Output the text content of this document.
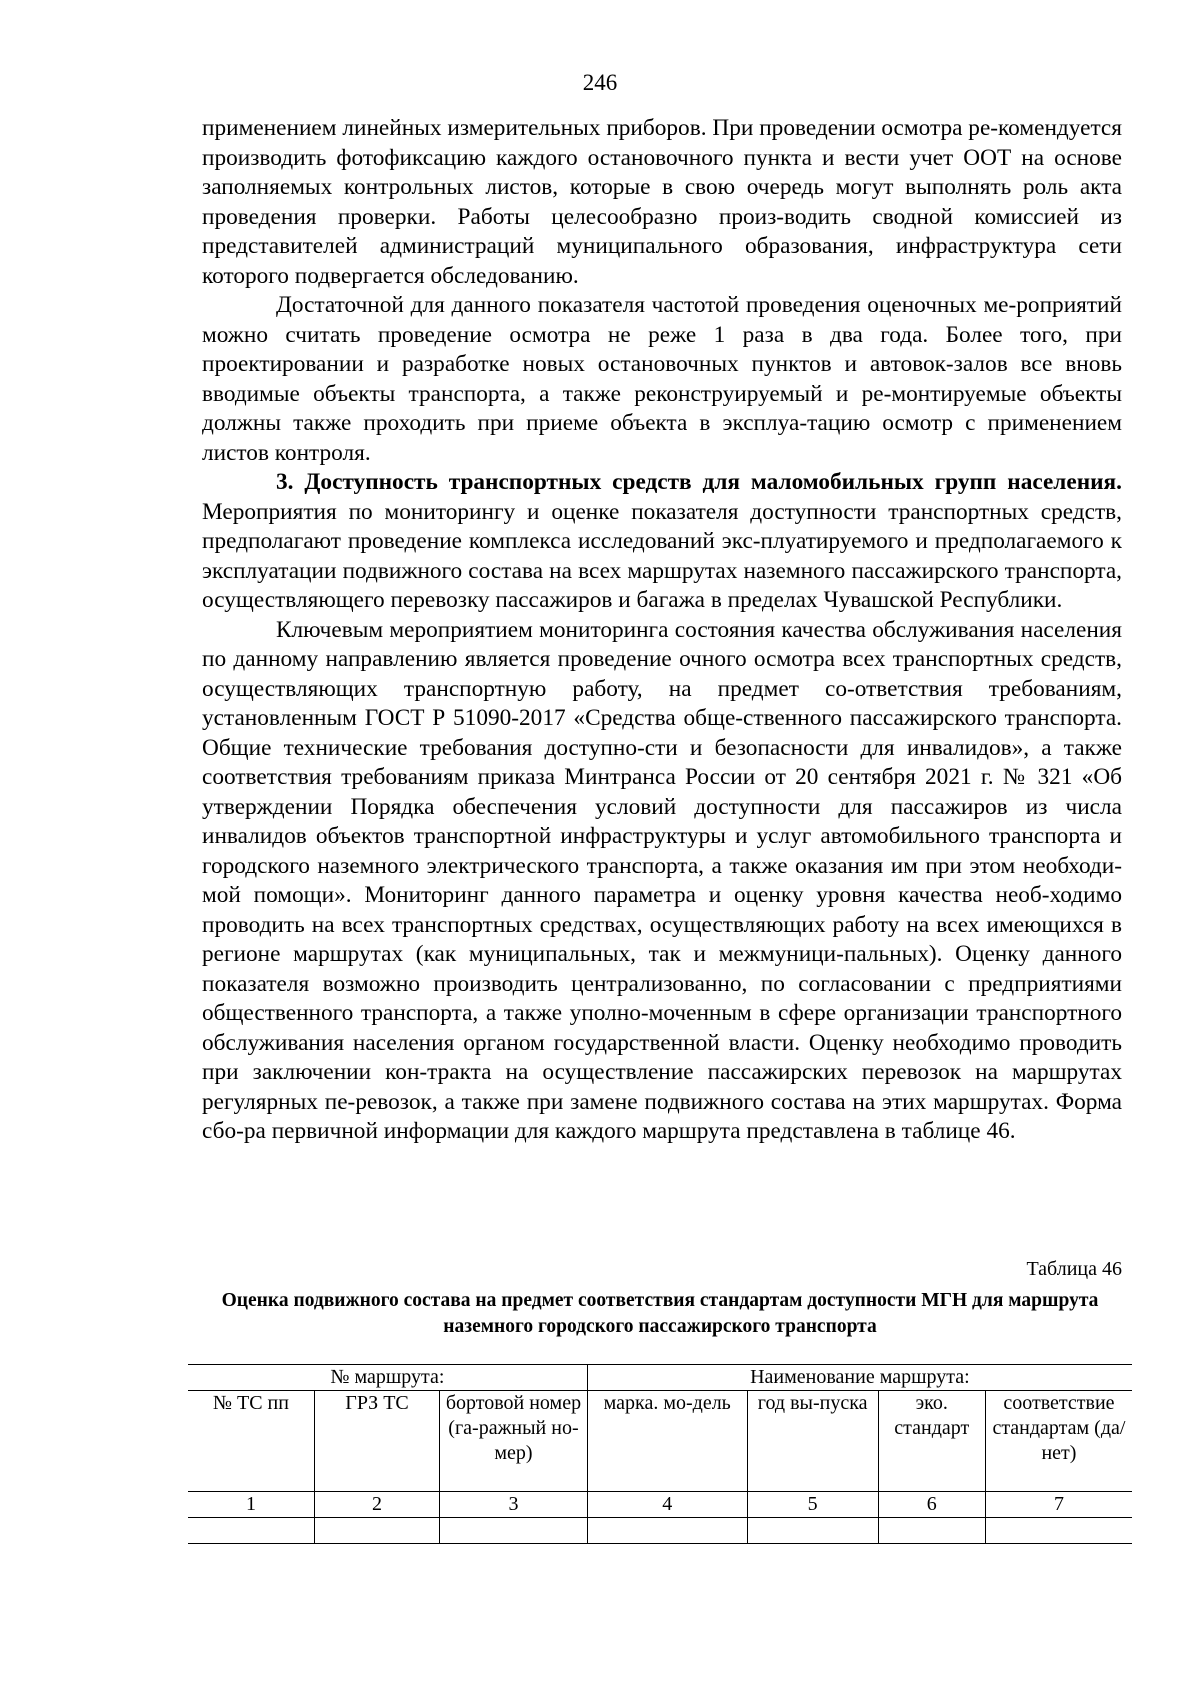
246

применением линейных измерительных приборов. При проведении осмотра ре-комендуется производить фотофиксацию каждого остановочного пункта и вести учет ООТ на основе заполняемых контрольных листов, которые в свою очередь могут выполнять роль акта проведения проверки. Работы целесообразно произ-водить сводной комиссией из представителей администраций муниципального образования, инфраструктура сети которого подвергается обследованию.

Достаточной для данного показателя частотой проведения оценочных ме-роприятий можно считать проведение осмотра не реже 1 раза в два года. Более того, при проектировании и разработке новых остановочных пунктов и автовок-залов все вновь вводимые объекты транспорта, а также реконструируемый и ре-монтируемые объекты должны также проходить при приеме объекта в эксплуа-тацию осмотр с применением листов контроля.

3. Доступность транспортных средств для маломобильных групп населения. Мероприятия по мониторингу и оценке показателя доступности транспортных средств, предполагают проведение комплекса исследований экс-плуатируемого и предполагаемого к эксплуатации подвижного состава на всех маршрутах наземного пассажирского транспорта, осуществляющего перевозку пассажиров и багажа в пределах Чувашской Республики.

Ключевым мероприятием мониторинга состояния качества обслуживания населения по данному направлению является проведение очного осмотра всех транспортных средств, осуществляющих транспортную работу, на предмет со-ответствия требованиям, установленным ГОСТ Р 51090-2017 «Средства обще-ственного пассажирского транспорта. Общие технические требования доступно-сти и безопасности для инвалидов», а также соответствия требованиям приказа Минтранса России от 20 сентября 2021 г. № 321 «Об утверждении Порядка обеспечения условий доступности для пассажиров из числа инвалидов объектов транспортной инфраструктуры и услуг автомобильного транспорта и городского наземного электрического транспорта, а также оказания им при этом необходи-мой помощи». Мониторинг данного параметра и оценку уровня качества необ-ходимо проводить на всех транспортных средствах, осуществляющих работу на всех имеющихся в регионе маршрутах (как муниципальных, так и межмуници-пальных). Оценку данного показателя возможно производить централизованно, по согласовании с предприятиями общественного транспорта, а также уполно-моченным в сфере организации транспортного обслуживания населения органом государственной власти. Оценку необходимо проводить при заключении кон-тракта на осуществление пассажирских перевозок на маршрутах регулярных пе-ревозок, а также при замене подвижного состава на этих маршрутах. Форма сбо-ра первичной информации для каждого маршрута представлена в таблице 46.

Таблица 46
Оценка подвижного состава на предмет соответствия стандартам доступности МГН для маршрута наземного городского пассажирского транспорта
№ маршрута:			Наименование маршрута:			
№ ТС пп	ГРЗ ТС	бортовой номер (га-ражный но-мер)	марка. мо-дель	год вы-пуска	эко. стандарт	соответствие стандартам (да/нет)
1	2	3	4	5	6	7
